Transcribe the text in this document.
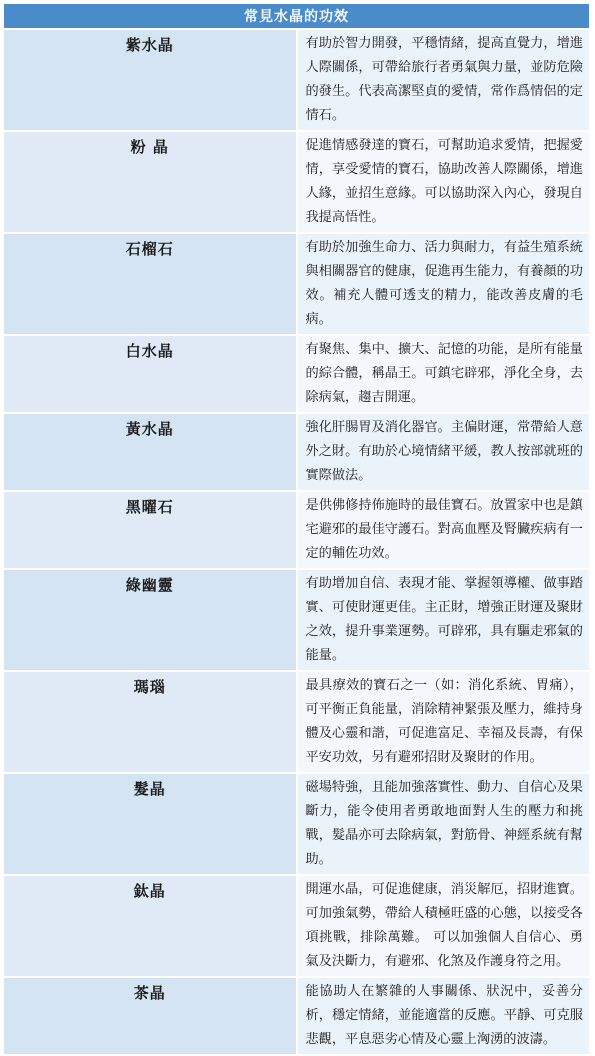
常見水晶的功效	
紫水晶	有助於智力開發，平穩情緒，提高直覺力，增進人際關係，可帶給旅行者勇氣與力量，並防危險的發生。代表高潔堅貞的愛情，常作爲情侶的定情石。
粉 晶	促進情感發達的寶石，可幫助追求愛情，把握愛情，享受愛情的寶石，協助改善人際關係，增進人緣，並招生意緣。可以協助深入內心，發現自我提高悟性。
石榴石	有助於加強生命力、活力與耐力，有益生殖系統與相關器官的健康，促進再生能力，有養顏的功效。補充人體可透支的精力，能改善皮膚的毛病。
白水晶	有聚焦、集中、擴大、記憶的功能，是所有能量的綜合體，稱晶王。可鎮宅辟邪，淨化全身，去除病氣，趨吉開運。
黃水晶	強化肝腸胃及消化器官。主偏財運，常帶給人意外之財。有助於心境情緒平緩，教人按部就班的實際做法。
黑曜石	是供佛修持佈施時的最佳寶石。放置家中也是鎮宅避邪的最佳守護石。對高血壓及腎臟疾病有一定的輔佐功效。
綠幽靈	有助增加自信、表現才能、掌握領導權、做事踏實、可使財運更佳。主正財，增強正財運及聚財之效，提升事業運勢。可辟邪，具有驅走邪氣的能量。
瑪瑙	最具療效的寶石之一（如：消化系統、胃痛），可平衡正負能量，消除精神緊張及壓力，維持身體及心靈和諧，可促進富足、幸福及長壽，有保平安功效，另有避邪招財及聚財的作用。
髮晶	磁場特強，且能加強落實性、動力、自信心及果斷力，能令使用者勇敢地面對人生的壓力和挑戰，髮晶亦可去除病氣，對筋骨、神經系統有幫助。
鈦晶	開運水晶，可促進健康，消災解厄，招財進寶。可加強氣勢，帶給人積極旺盛的心態，以接受各項挑戰，排除萬難。 可以加強個人自信心、勇氣及決斷力，有避邪、化煞及作護身符之用。
茶晶	能協助人在繁雜的人事關係、狀況中，妥善分析，穩定情緒，並能適當的反應。平靜、可克服悲觀，平息惡劣心情及心靈上洶湧的波濤。
